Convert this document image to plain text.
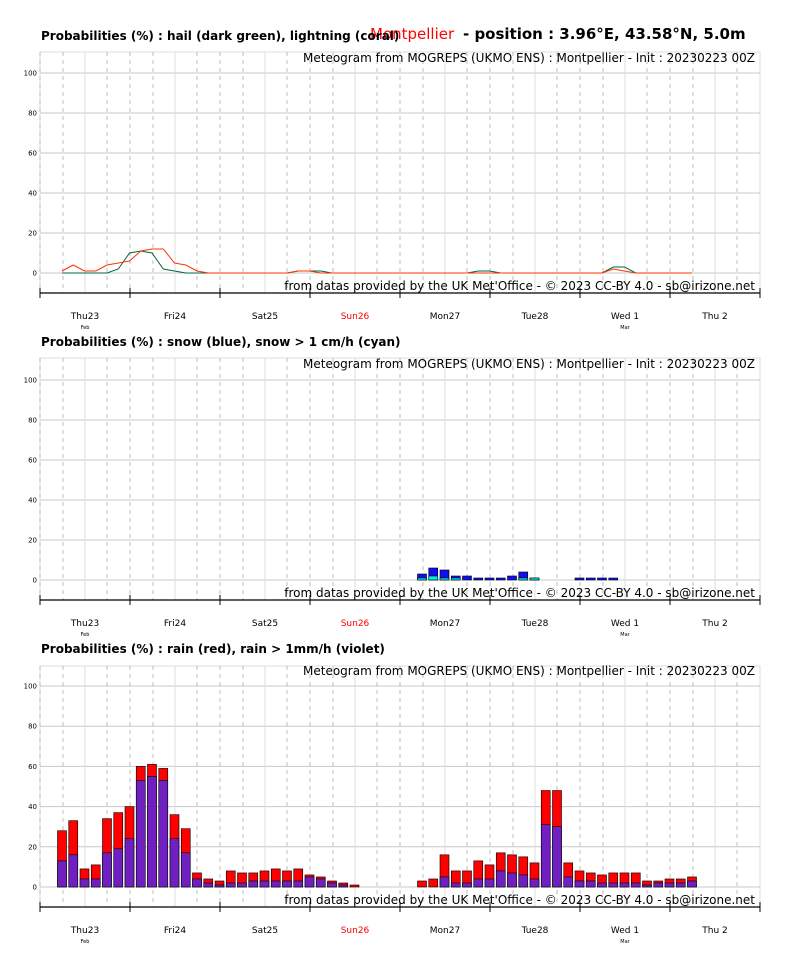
Montpellier - position : 3.96°E, 43.58°N, 5.0m
Probabilities (%) : hail (dark green), lightning (coral)
Probabilities (%) : snow (blue), snow > 1 cm/h (cyan)
Probabilities (%) : rain (red), rain > 1mm/h (violet)
0
20
40
60
80
100
Thu23	Fri24	Sat25	Sun26	Mon27	Tue28	Wed 1	Thu 2
Feb	Mar
Meteogram from MOGREPS (UKMO ENS) : Montpellier - Init : 20230223 00Z
from datas provided by the UK Met'Office - © 2023 CC-BY 4.0 - sb@irizone.net
0
20
40
60
80
100
Thu23	Fri24	Sat25	Sun26	Mon27	Tue28	Wed 1	Thu 2
Feb	Mar
Meteogram from MOGREPS (UKMO ENS) : Montpellier - Init : 20230223 00Z
from datas provided by the UK Met'Office - © 2023 CC-BY 4.0 - sb@irizone.net
0
20
40
60
80
100
Thu23	Fri24	Sat25	Sun26	Mon27	Tue28	Wed 1	Thu 2
Feb	Mar
Meteogram from MOGREPS (UKMO ENS) : Montpellier - Init : 20230223 00Z
from datas provided by the UK Met'Office - © 2023 CC-BY 4.0 - sb@irizone.net
